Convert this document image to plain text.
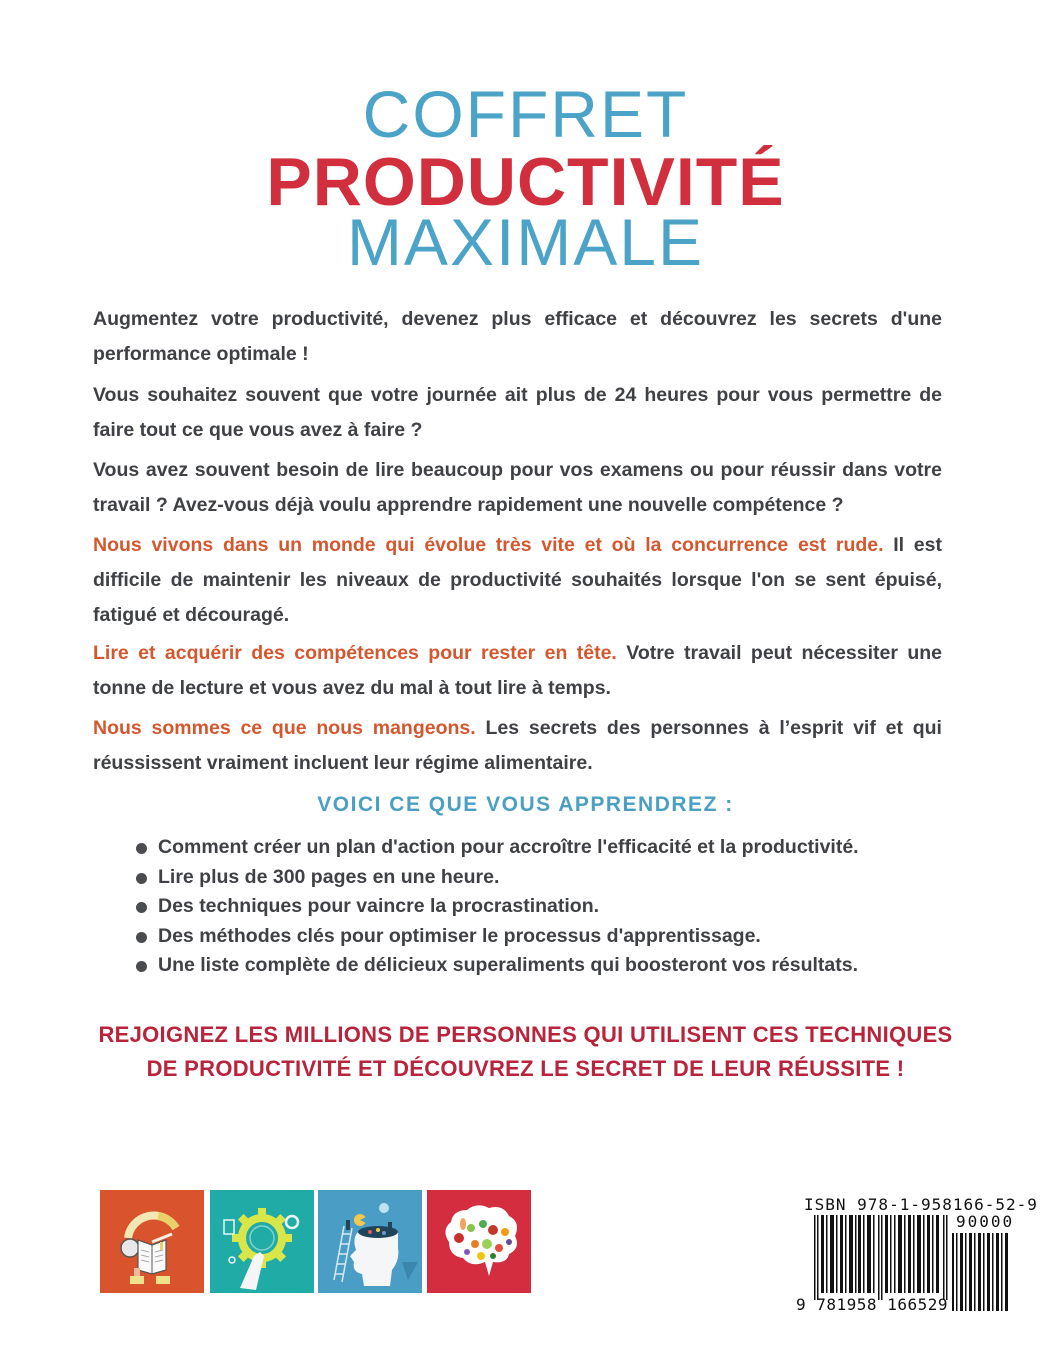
COFFRET
PRODUCTIVITÉ
MAXIMALE

Augmentez votre productivité, devenez plus efficace et découvrez les secrets d'une performance optimale !

Vous souhaitez souvent que votre journée ait plus de 24 heures pour vous permettre de faire tout ce que vous avez à faire ?

Vous avez souvent besoin de lire beaucoup pour vos examens ou pour réussir dans votre travail ? Avez-vous déjà voulu apprendre rapidement une nouvelle compétence ?

Nous vivons dans un monde qui évolue très vite et où la concurrence est rude. Il est difficile de maintenir les niveaux de productivité souhaités lorsque l'on se sent épuisé, fatigué et découragé.

Lire et acquérir des compétences pour rester en tête. Votre travail peut nécessiter une tonne de lecture et vous avez du mal à tout lire à temps.

Nous sommes ce que nous mangeons. Les secrets des personnes à l’esprit vif et qui réussissent vraiment incluent leur régime alimentaire.

VOICI CE QUE VOUS APPRENDREZ :
Comment créer un plan d'action pour accroître l'efficacité et la productivité.
Lire plus de 300 pages en une heure.
Des techniques pour vaincre la procrastination.
Des méthodes clés pour optimiser le processus d'apprentissage.
Une liste complète de délicieux superaliments qui boosteront vos résultats.
REJOIGNEZ LES MILLIONS DE PERSONNES QUI UTILISENT CES TECHNIQUES
DE PRODUCTIVITÉ ET DÉCOUVREZ LE SECRET DE LEUR RÉUSSITE !
ISBN 978-1-958166-52-9
90000
9 781958 166529
